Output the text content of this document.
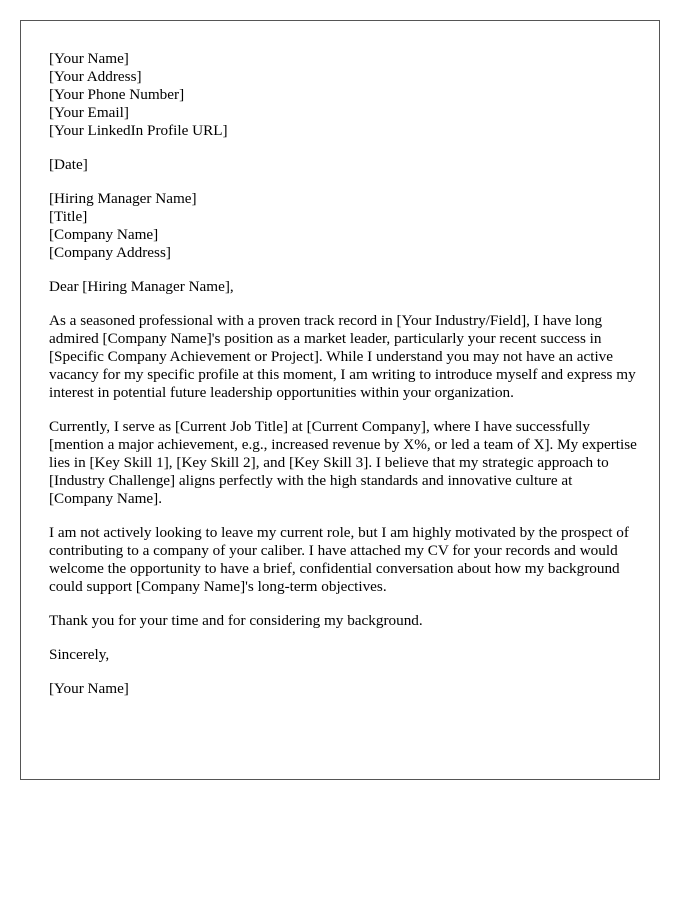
[Your Name]
[Your Address]
[Your Phone Number]
[Your Email]
[Your LinkedIn Profile URL]
[Date]
[Hiring Manager Name]
[Title]
[Company Name]
[Company Address]

Dear [Hiring Manager Name],

As a seasoned professional with a proven track record in [Your Industry/Field], I have long admired [Company Name]'s position as a market leader, particularly your recent success in [Specific Company Achievement or Project]. While I understand you may not have an active vacancy for my specific profile at this moment, I am writing to introduce myself and express my interest in potential future leadership opportunities within your organization.

Currently, I serve as [Current Job Title] at [Current Company], where I have successfully [mention a major achievement, e.g., increased revenue by X%, or led a team of X]. My expertise lies in [Key Skill 1], [Key Skill 2], and [Key Skill 3]. I believe that my strategic approach to [Industry Challenge] aligns perfectly with the high standards and innovative culture at [Company Name].

I am not actively looking to leave my current role, but I am highly motivated by the prospect of contributing to a company of your caliber. I have attached my CV for your records and would welcome the opportunity to have a brief, confidential conversation about how my background could support [Company Name]'s long-term objectives.

Thank you for your time and for considering my background.

Sincerely,

[Your Name]
